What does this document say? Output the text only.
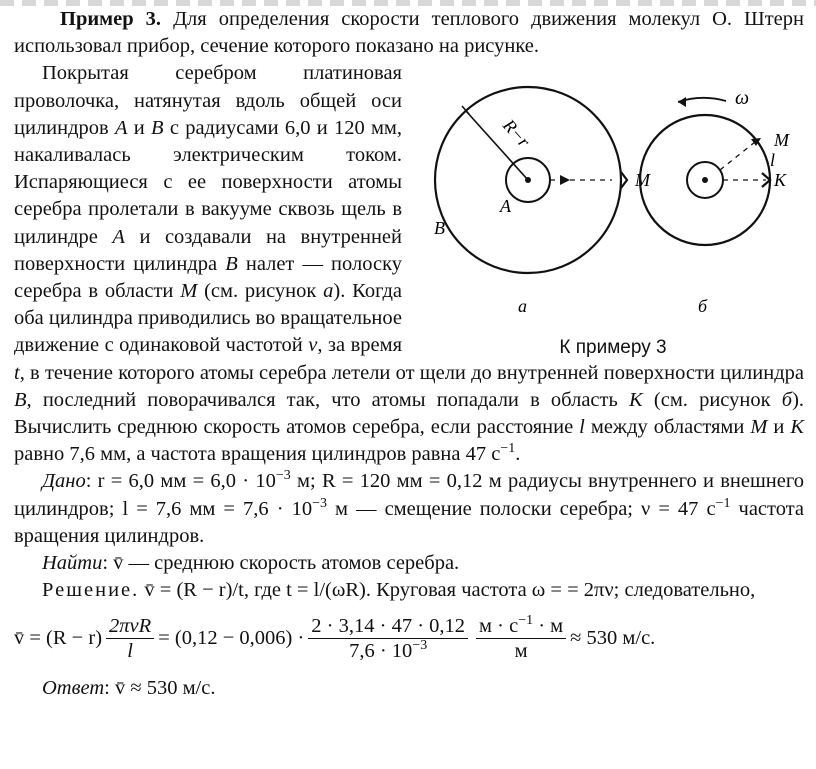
Пример 3. Для определения скорости теплового движения молекул О. Штерн использовал прибор, сечение которого показано на рисунке.

R−r
A
B
M
а
ω
M
l
K
б
К примеру 3

Покрытая серебром платиновая проволочка, натянутая вдоль общей оси цилиндров A и B с радиусами 6,0 и 120 мм, накаливалась электрическим током. Испаряющиеся с ее поверхности атомы серебра пролетали в вакууме сквозь щель в цилиндре A и создавали на внутренней поверхности цилиндра B налет — полоску серебра в области M (см. рисунок а). Когда оба цилиндра приводились во вращательное движение с одинаковой частотой ν, за время t, в течение которого атомы серебра летели от щели до внутренней поверхности цилиндра B, последний поворачивался так, что атомы попадали в область K (см. рисунок б). Вычислить среднюю скорость атомов серебра, если расстояние l между областями M и K равно 7,6 мм, а частота вращения цилиндров равна 47 $с^{-1}$.

Дано: r = 6,0 мм = $6,0 \cdot 10^{-3}$ м; R = 120 мм = 0,12 м радиусы внутреннего и внешнего цилиндров; l = 7,6 мм = $7,6 \cdot 10^{-3}$ м — смещение полоски серебра; ν = 47 $с^{-1}$ частота вращения цилиндров.

Найти: v̄ — среднюю скорость атомов серебра.

Решение. v̄ = (R − r)/t, где t = l/(ωR). Круговая частота ω = = 2πν; следовательно,

v̄ = $(R - r) \frac{\text{2πνR}}{l} = (0,12 - 0,006) \cdot \frac{2 \cdot 3,14 \cdot 47 \cdot 0,12}{7,6 \cdot 10^{-3}} \frac{м \cdot с^{-1} \cdot м}{м} \approx 530$ м/с.

Ответ: v̄ ≈ 530 м/с.
